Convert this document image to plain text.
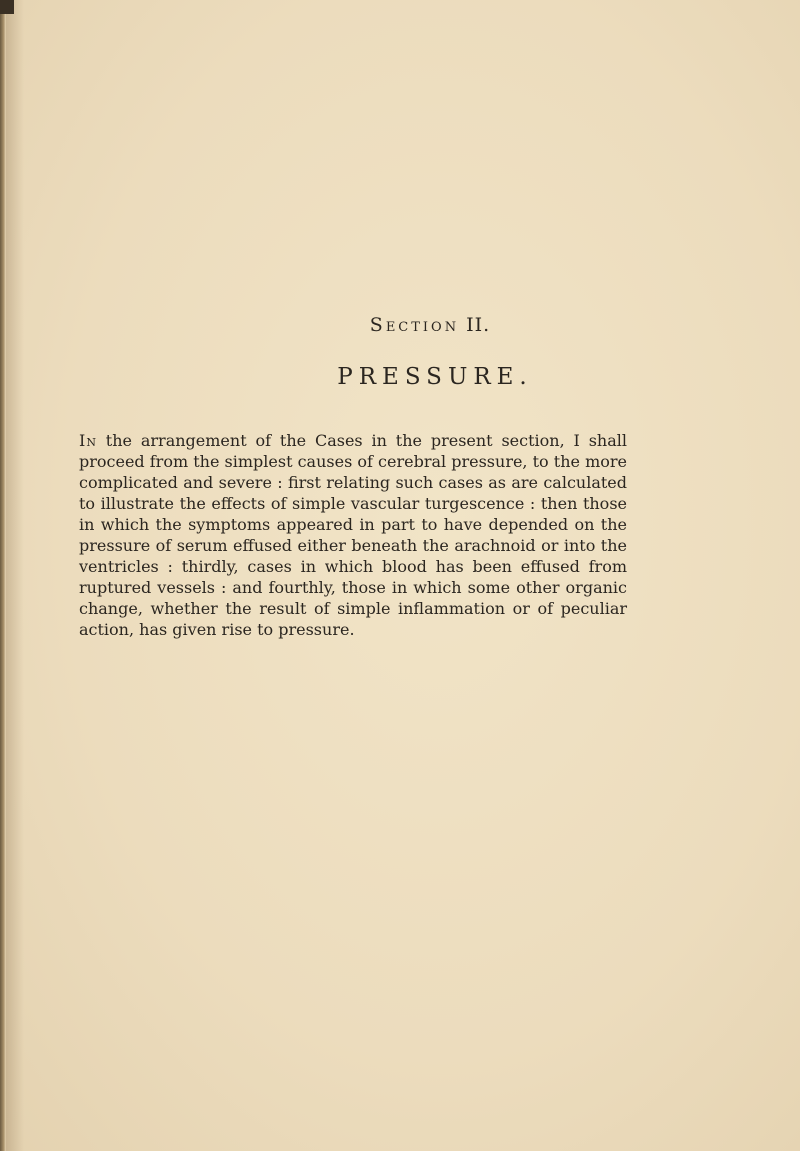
Section II.
PRESSURE.

In the arrangement of the Cases in the present section, I shall proceed from the simplest causes of cerebral pressure, to the more complicated and severe : first relating such cases as are calculated to illustrate the effects of simple vascular turgescence : then those in which the symptoms appeared in part to have depended on the pressure of serum effused either beneath the arachnoid or into the ventricles : thirdly, cases in which blood has been effused from ruptured vessels : and fourthly, those in which some other organic change, whether the result of simple inflammation or of peculiar action, has given rise to pressure.
